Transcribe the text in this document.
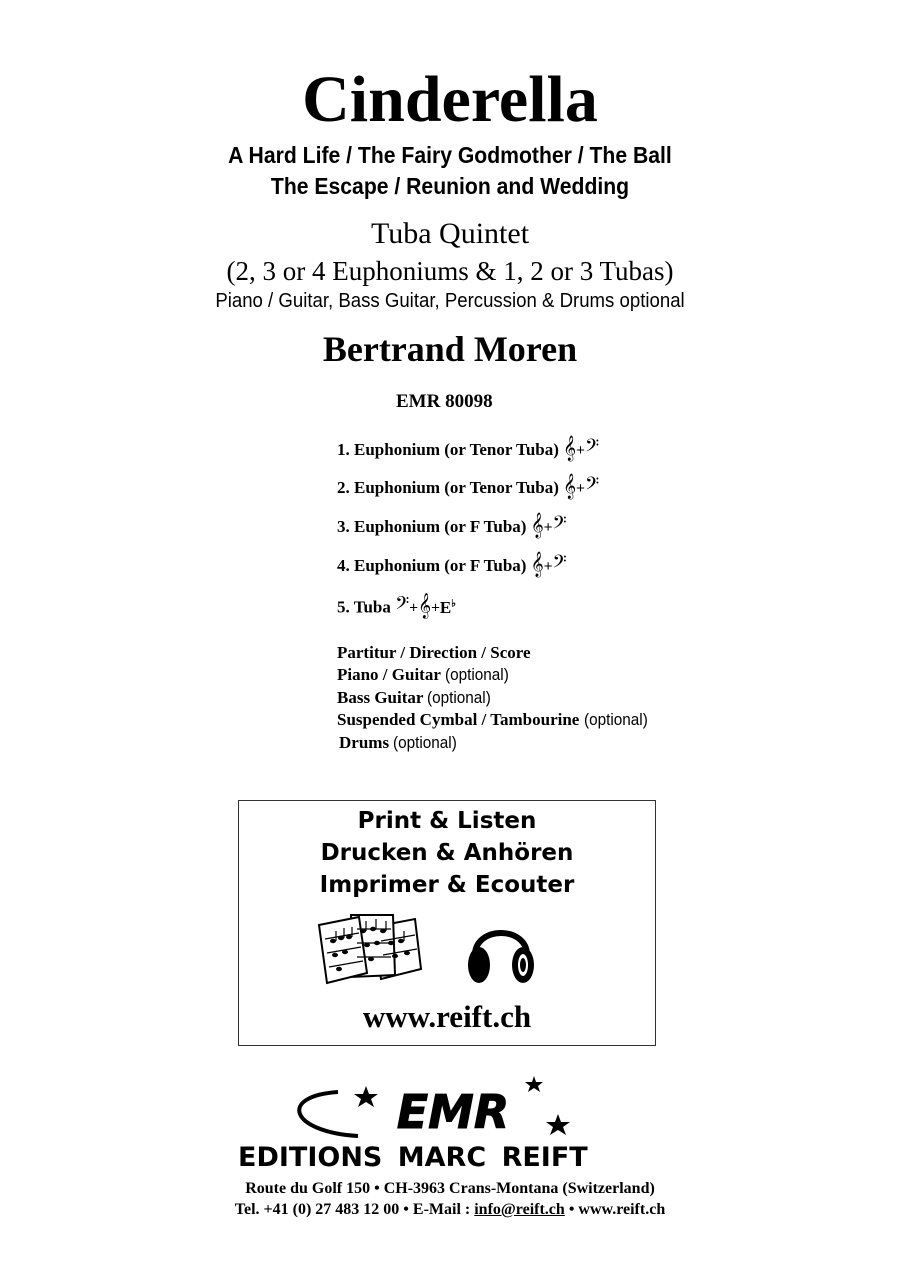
Cinderella
A Hard Life / The Fairy Godmother / The Ball
The Escape / Reunion and Wedding
Tuba Quintet
(2, 3 or 4 Euphoniums & 1, 2 or 3 Tubas)
Piano / Guitar, Bass Guitar, Percussion & Drums optional
Bertrand Moren
EMR 80098
1. Euphonium (or Tenor Tuba) 𝄞+𝄢
2. Euphonium (or Tenor Tuba) 𝄞+𝄢
3. Euphonium (or F Tuba) 𝄞+𝄢
4. Euphonium (or F Tuba) 𝄞+𝄢
5. Tuba 𝄢+𝄞+E♭
Partitur / Direction / Score
Piano / Guitar (optional)
Bass Guitar (optional)
Suspended Cymbal / Tambourine (optional)
Drums (optional)
Print & Listen
Drucken & Anhören
Imprimer & Ecouter
www.reift.ch
EMR
EDITIONS MARC REIFT
Route du Golf 150 • CH-3963 Crans-Montana (Switzerland)
Tel. +41 (0) 27 483 12 00 • E-Mail : info@reift.ch • www.reift.ch
